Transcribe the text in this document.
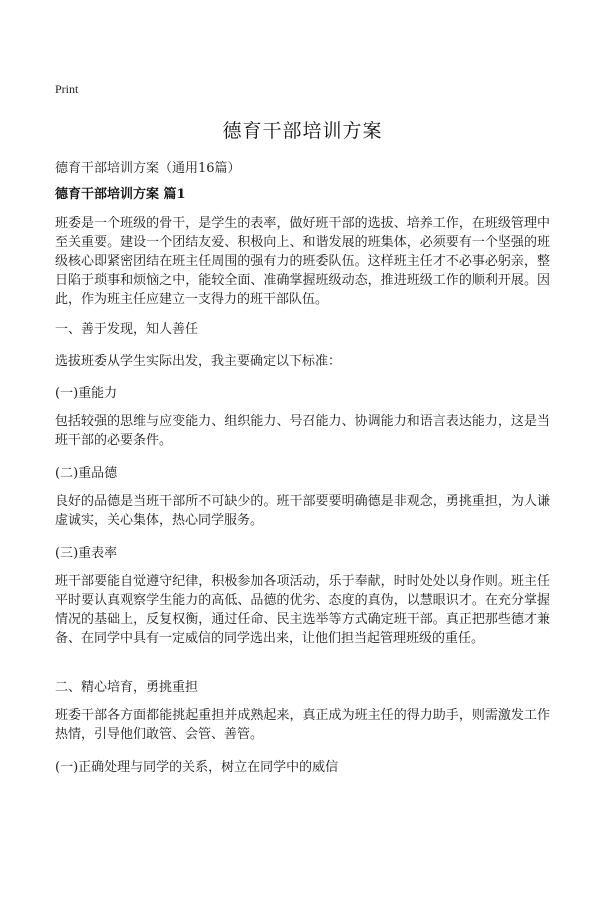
Print
德育干部培训方案
德育干部培训方案（通用16篇）
德育干部培训方案 篇1
班委是一个班级的骨干，是学生的表率，做好班干部的选拔、培养工作，在班级管理中至关重要。建设一个团结友爱、积极向上、和谐发展的班集体，必须要有一个坚强的班级核心即紧密团结在班主任周围的强有力的班委队伍。这样班主任才不必事必躬亲，整日陷于琐事和烦恼之中，能较全面、准确掌握班级动态，推进班级工作的顺利开展。因此，作为班主任应建立一支得力的班干部队伍。
一、善于发现，知人善任
选拔班委从学生实际出发，我主要确定以下标准：
(一)重能力
包括较强的思维与应变能力、组织能力、号召能力、协调能力和语言表达能力，这是当班干部的必要条件。
(二)重品德
良好的品德是当班干部所不可缺少的。班干部要要明确德是非观念，勇挑重担，为人谦虚诚实，关心集体，热心同学服务。
(三)重表率
班干部要能自觉遵守纪律，积极参加各项活动，乐于奉献，时时处处以身作则。班主任平时要认真观察学生能力的高低、品德的优劣、态度的真伪，以慧眼识才。在充分掌握情况的基础上，反复权衡，通过任命、民主选举等方式确定班干部。真正把那些德才兼备、在同学中具有一定威信的同学选出来，让他们担当起管理班级的重任。
二、精心培育，勇挑重担
班委干部各方面都能挑起重担并成熟起来，真正成为班主任的得力助手，则需激发工作热情，引导他们敢管、会管、善管。
(一)正确处理与同学的关系，树立在同学中的威信
